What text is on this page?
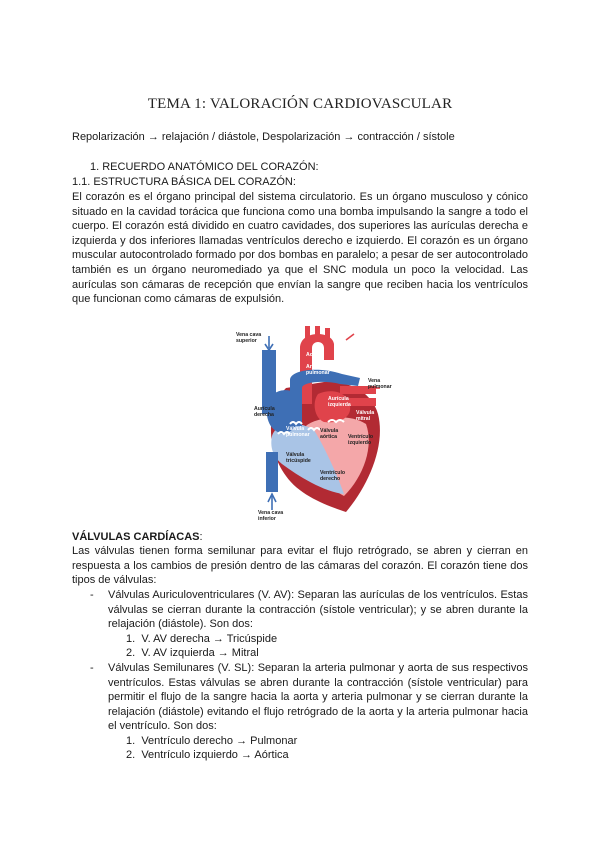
TEMA 1: VALORACIÓN CARDIOVASCULAR
Repolarización → relajación / diástole, Despolarización → contracción / sístole
1. RECUERDO ANATÓMICO DEL CORAZÓN:
1.1. ESTRUCTURA BÁSICA DEL CORAZÓN:
El corazón es el órgano principal del sistema circulatorio. Es un órgano musculoso y cónico situado en la cavidad torácica que funciona como una bomba impulsando la sangre a todo el cuerpo. El corazón está dividido en cuatro cavidades, dos superiores las aurículas derecha e izquierda y dos inferiores llamadas ventrículos derecho e izquierdo. El corazón es un órgano muscular autocontrolado formado por dos bombas en paralelo; a pesar de ser autocontrolado también es un órgano neuromediado ya que el SNC modula un poco la velocidad. Las aurículas son cámaras de recepción que envían la sangre que reciben hacia los ventrículos que funcionan como cámaras de expulsión.
Vena cava
superior
Aorta
Arteria
pulmonar
Vena
pulmonar
Aurícula
izquierda
Aurícula
derecha	Válvula
mitral
Válvula
pulmonar
Válvula
aórtica Ventrículo
izquierdo
Válvula
tricúspide
Ventrículo
derecho
Vena cava
inferior
VÁLVULAS CARDÍACAS:
Las válvulas tienen forma semilunar para evitar el flujo retrógrado, se abren y cierran en respuesta a los cambios de presión dentro de las cámaras del corazón. El corazón tiene dos tipos de válvulas:
- Válvulas Auriculoventriculares (V. AV): Separan las aurículas de los ventrículos. Estas válvulas se cierran durante la contracción (sístole ventricular); y se abren durante la relajación (diástole). Son dos:
1. V. AV derecha → Tricúspide
2. V. AV izquierda → Mitral
- Válvulas Semilunares (V. SL): Separan la arteria pulmonar y aorta de sus respectivos ventrículos. Estas válvulas se abren durante la contracción (sístole ventricular) para permitir el flujo de la sangre hacia la aorta y arteria pulmonar y se cierran durante la relajación (diástole) evitando el flujo retrógrado de la aorta y la arteria pulmonar hacia el ventrículo. Son dos:
1. Ventrículo derecho → Pulmonar
2. Ventrículo izquierdo → Aórtica
